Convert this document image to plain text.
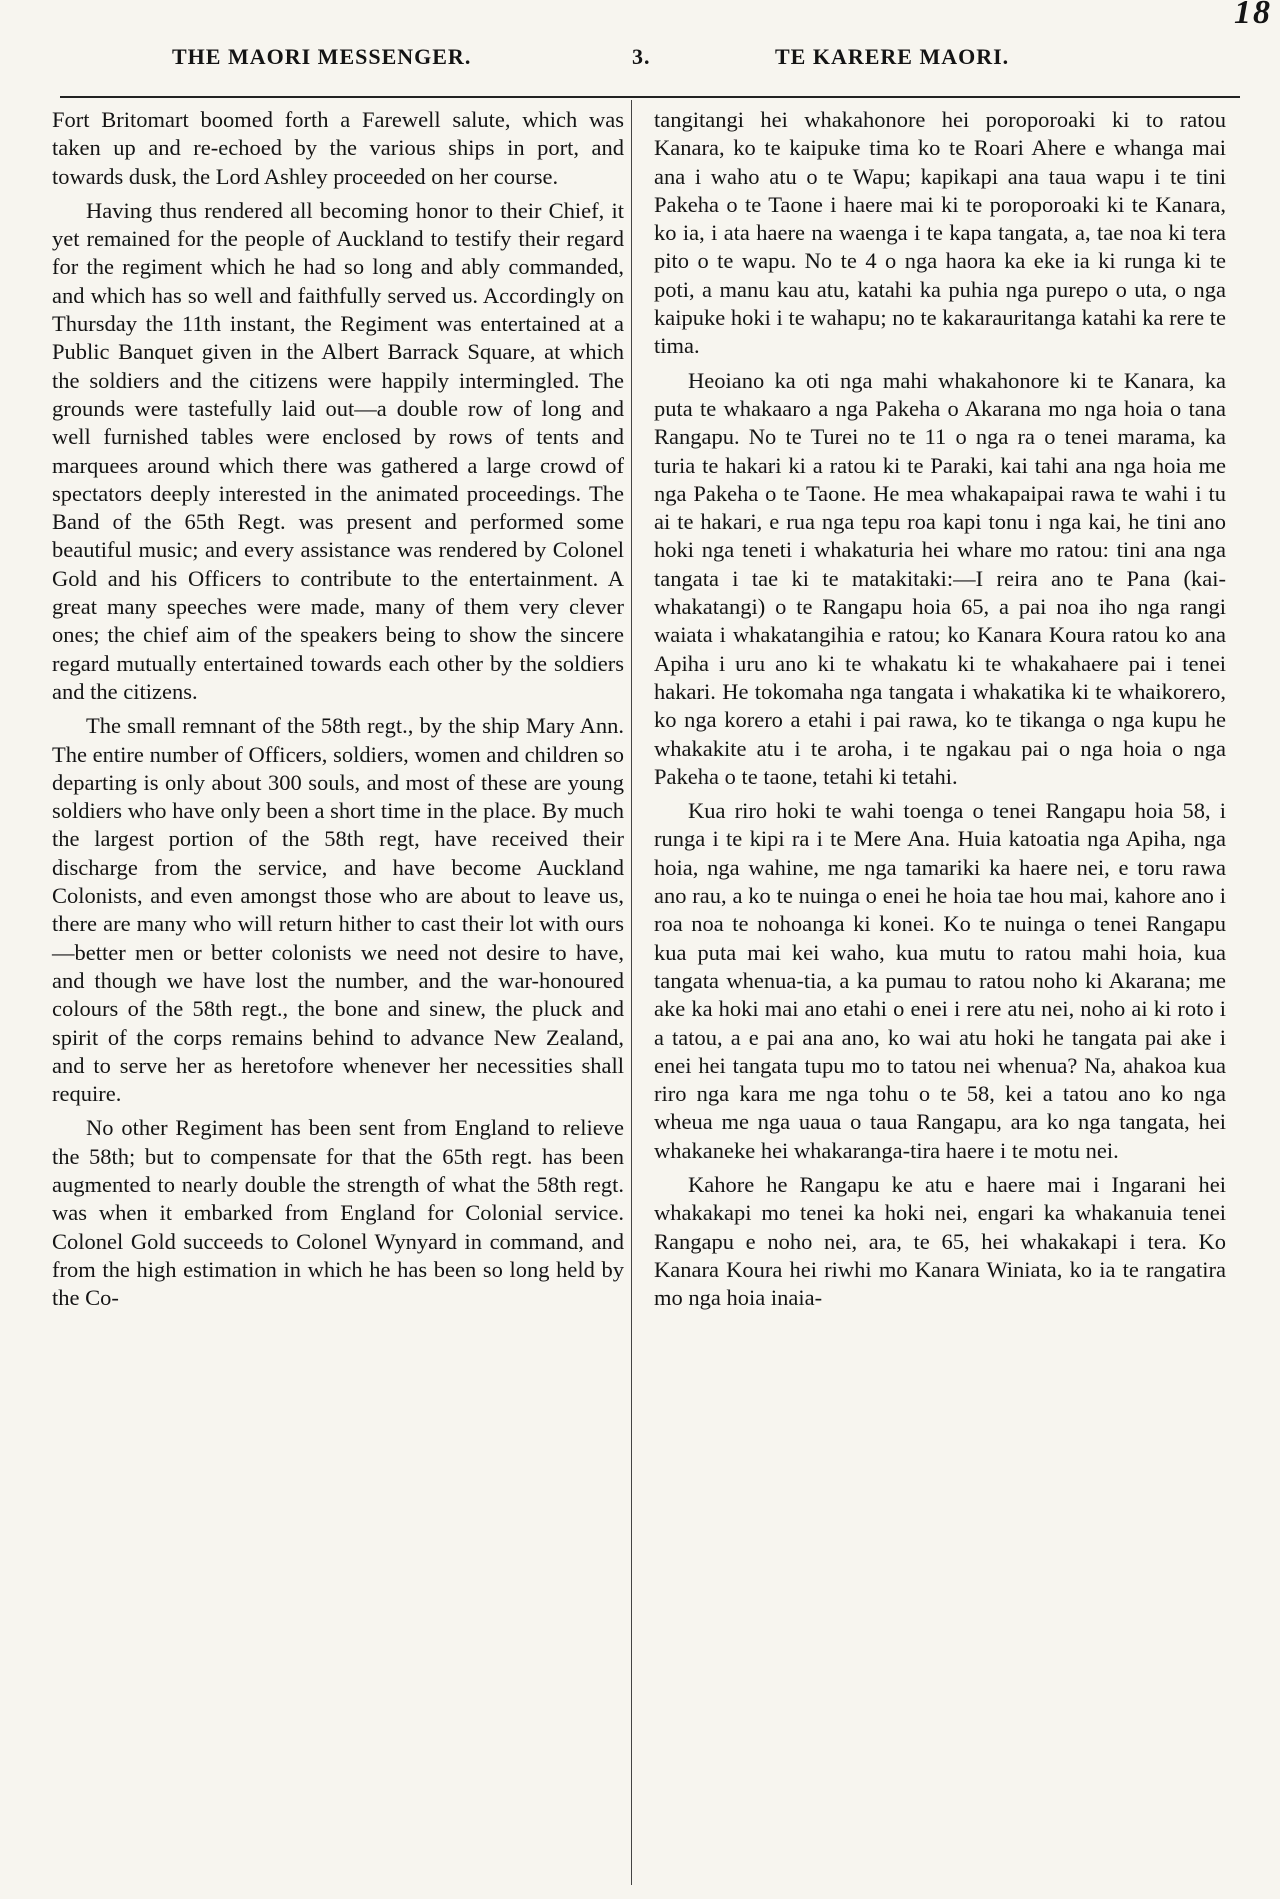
18
THE MAORI MESSENGER.	3.	TE KARERE MAORI.

Fort Britomart boomed forth a Farewell salute, which was taken up and re-echoed by the various ships in port, and towards dusk, the Lord Ashley proceeded on her course.

Having thus rendered all becoming honor to their Chief, it yet remained for the people of Auckland to testify their regard for the regiment which he had so long and ably commanded, and which has so well and faithfully served us. Accordingly on Thursday the 11th instant, the Regiment was entertained at a Public Banquet given in the Albert Barrack Square, at which the soldiers and the citizens were happily intermingled. The grounds were tastefully laid out—a double row of long and well furnished tables were enclosed by rows of tents and marquees around which there was gathered a large crowd of spectators deeply interested in the animated proceedings. The Band of the 65th Regt. was present and performed some beautiful music; and every assistance was rendered by Colonel Gold and his Officers to contribute to the entertainment. A great many speeches were made, many of them very clever ones; the chief aim of the speakers being to show the sincere regard mutually entertained towards each other by the soldiers and the citizens.

The small remnant of the 58th regt., by the ship Mary Ann. The entire number of Officers, soldiers, women and children so departing is only about 300 souls, and most of these are young soldiers who have only been a short time in the place. By much the largest portion of the 58th regt, have received their discharge from the service, and have become Auckland Colonists, and even amongst those who are about to leave us, there are many who will return hither to cast their lot with ours—better men or better colonists we need not desire to have, and though we have lost the number, and the war-honoured colours of the 58th regt., the bone and sinew, the pluck and spirit of the corps remains behind to advance New Zealand, and to serve her as heretofore whenever her necessities shall require.

No other Regiment has been sent from England to relieve the 58th; but to compensate for that the 65th regt. has been augmented to nearly double the strength of what the 58th regt. was when it embarked from England for Colonial service. Colonel Gold succeeds to Colonel Wynyard in command, and from the high estimation in which he has been so long held by the Co-

tangitangi hei whakahonore hei poroporoaki ki to ratou Kanara, ko te kaipuke tima ko te Roari Ahere e whanga mai ana i waho atu o te Wapu; kapikapi ana taua wapu i te tini Pakeha o te Taone i haere mai ki te poroporoaki ki te Kanara, ko ia, i ata haere na waenga i te kapa tangata, a, tae noa ki tera pito o te wapu. No te 4 o nga haora ka eke ia ki runga ki te poti, a manu kau atu, katahi ka puhia nga purepo o uta, o nga kaipuke hoki i te wahapu; no te kakarauritanga katahi ka rere te tima.

Heoiano ka oti nga mahi whakahonore ki te Kanara, ka puta te whakaaro a nga Pakeha o Akarana mo nga hoia o tana Rangapu. No te Turei no te 11 o nga ra o tenei marama, ka turia te hakari ki a ratou ki te Paraki, kai tahi ana nga hoia me nga Pakeha o te Taone. He mea whakapaipai rawa te wahi i tu ai te hakari, e rua nga tepu roa kapi tonu i nga kai, he tini ano hoki nga teneti i whakaturia hei whare mo ratou: tini ana nga tangata i tae ki te matakitaki:—I reira ano te Pana (kai-whakatangi) o te Rangapu hoia 65, a pai noa iho nga rangi waiata i whakatangihia e ratou; ko Kanara Koura ratou ko ana Apiha i uru ano ki te whakatu ki te whakahaere pai i tenei hakari. He tokomaha nga tangata i whakatika ki te whaikorero, ko nga korero a etahi i pai rawa, ko te tikanga o nga kupu he whakakite atu i te aroha, i te ngakau pai o nga hoia o nga Pakeha o te taone, tetahi ki tetahi.

Kua riro hoki te wahi toenga o tenei Rangapu hoia 58, i runga i te kipi ra i te Mere Ana. Huia katoatia nga Apiha, nga hoia, nga wahine, me nga tamariki ka haere nei, e toru rawa ano rau, a ko te nuinga o enei he hoia tae hou mai, kahore ano i roa noa te nohoanga ki konei. Ko te nuinga o tenei Rangapu kua puta mai kei waho, kua mutu to ratou mahi hoia, kua tangata whenua-tia, a ka pumau to ratou noho ki Akarana; me ake ka hoki mai ano etahi o enei i rere atu nei, noho ai ki roto i a tatou, a e pai ana ano, ko wai atu hoki he tangata pai ake i enei hei tangata tupu mo to tatou nei whenua? Na, ahakoa kua riro nga kara me nga tohu o te 58, kei a tatou ano ko nga wheua me nga uaua o taua Rangapu, ara ko nga tangata, hei whakaneke hei whakaranga-tira haere i te motu nei.

Kahore he Rangapu ke atu e haere mai i Ingarani hei whakakapi mo tenei ka hoki nei, engari ka whakanuia tenei Rangapu e noho nei, ara, te 65, hei whakakapi i tera. Ko Kanara Koura hei riwhi mo Kanara Winiata, ko ia te rangatira mo nga hoia inaia-
